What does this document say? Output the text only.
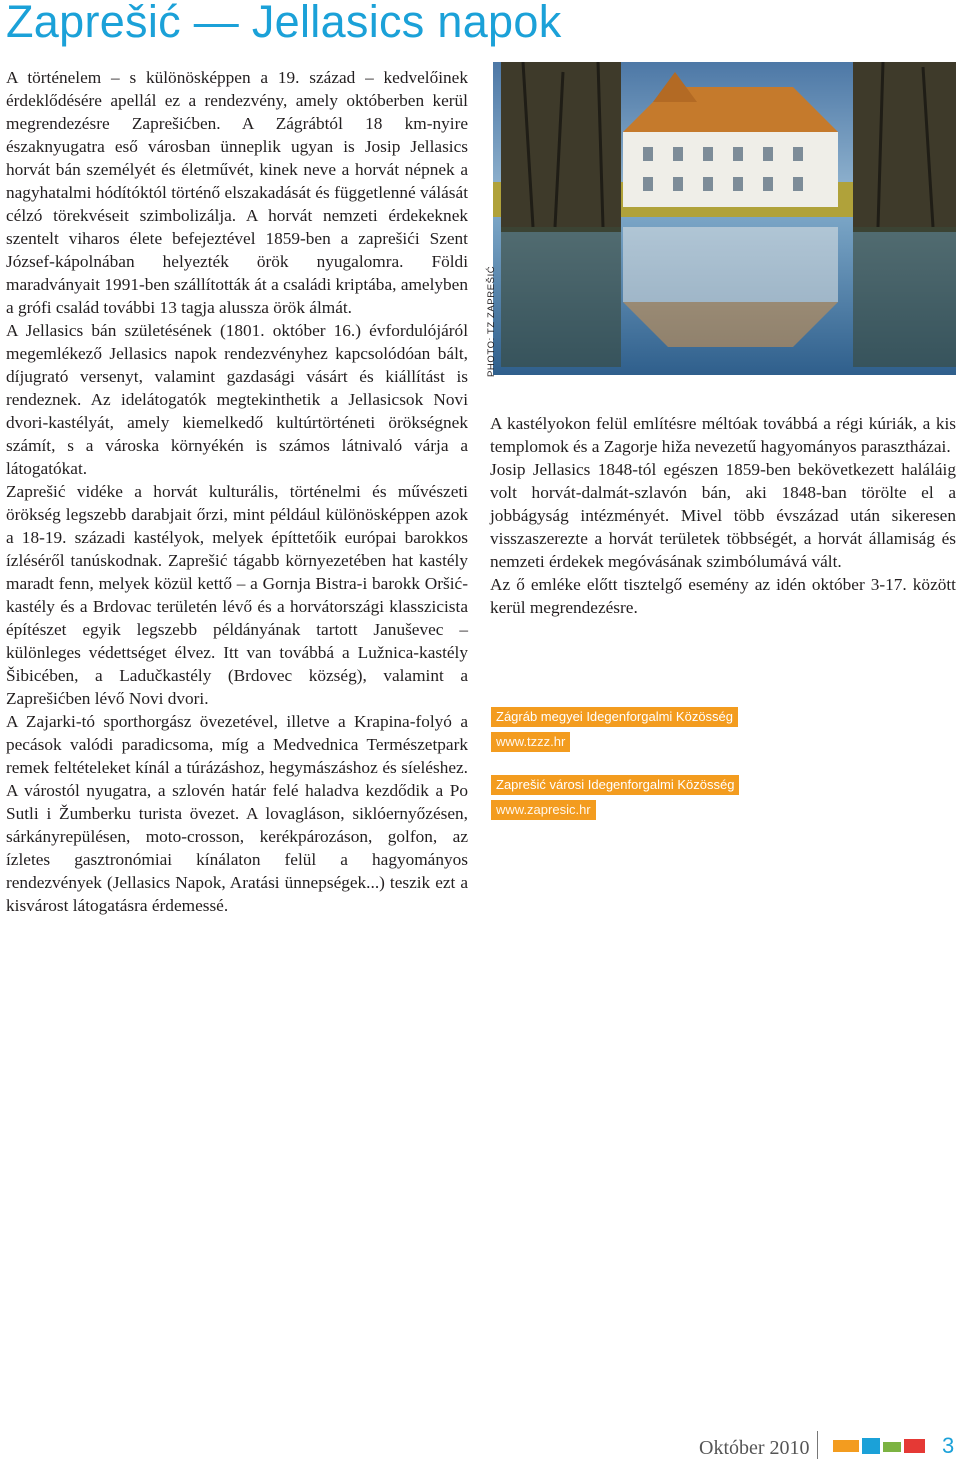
Zaprešić — Jellasics napok

A történelem – s különösképpen a 19. század – kedvelőinek érdeklődésére apellál ez a rendezvény, amely októberben kerül megrendezésre Zaprešićben. A Zágrábtól 18 km-nyire északnyugatra eső városban ünneplik ugyan is Josip Jellasics horvát bán személyét és életművét, kinek neve a horvát népnek a nagyhatalmi hódítóktól történő elszakadását és függetlenné válását célzó törekvéseit szimbolizálja. A horvát nemzeti érdekeknek szentelt viharos élete befejeztével 1859-ben a zaprešići Szent József-kápolnában helyezték örök nyugalomra. Földi maradványait 1991-ben szállították át a családi kriptába, amelyben a grófi család további 13 tagja alussza örök álmát.

A Jellasics bán születésének (1801. október 16.) évfordulójáról megemlékező Jellasics napok rendezvényhez kapcsolódóan bált, díjugrató versenyt, valamint gazdasági vásárt és kiállítást is rendeznek. Az idelátogatók megtekinthetik a Jellasicsok Novi dvori-kastélyát, amely kiemelkedő kultúrtörténeti örökségnek számít, s a városka környékén is számos látnivaló várja a látogatókat.

Zaprešić vidéke a horvát kulturális, történelmi és művészeti örökség legszebb darabjait őrzi, mint például különösképpen azok a 18-19. századi kastélyok, melyek építtetőik európai barokkos ízléséről tanúskodnak. Zaprešić tágabb környezetében hat kastély maradt fenn, melyek közül kettő – a Gornja Bistra-i barokk Oršić-kastély és a Brdovac területén lévő és a horvátországi klasszicista építészet egyik legszebb példányának tartott Januševec – különleges védettséget élvez. Itt van továbbá a Lužnica-kastély Šibicében, a Ladučkastély (Brdovec község), valamint a Zaprešićben lévő Novi dvori.

A Zajarki-tó sporthorgász övezetével, illetve a Krapina-folyó a pecások valódi paradicsoma, míg a Medvednica Természetpark remek feltételeket kínál a túrázáshoz, hegymászáshoz és síeléshez. A várostól nyugatra, a szlovén határ felé haladva kezdődik a Po Sutli i Žumberku turista övezet. A lovagláson, siklóernyőzésen, sárkányrepülésen, moto-crosson, kerékpározáson, golfon, az ízletes gasztronómiai kínálaton felül a hagyományos rendezvények (Jellasics Napok, Aratási ünnepségek...) teszik ezt a kisvárost látogatásra érdemessé.

PHOTO: TZ ZAPREŠIĆ

A kastélyokon felül említésre méltóak továbbá a régi kúriák, a kis templomok és a Zagorje hiža nevezetű hagyományos parasztházai.

Josip Jellasics 1848-tól egészen 1859-ben bekövetkezett haláláig volt horvát-dalmát-szlavón bán, aki 1848-ban törölte el a jobbágyság intézményét. Mivel több évszázad után sikeresen visszaszerezte a horvát területek többségét, a horvát államiság és nemzeti érdekek megóvásának szimbólumává vált.

Az ő emléke előtt tisztelgő esemény az idén október 3-17. között kerül megrendezésre.

Zágráb megyei Idegenforgalmi Közösség
www.tzzz.hr
Zaprešić városi Idegenforgalmi Közösség
www.zapresic.hr
Október 2010	3
